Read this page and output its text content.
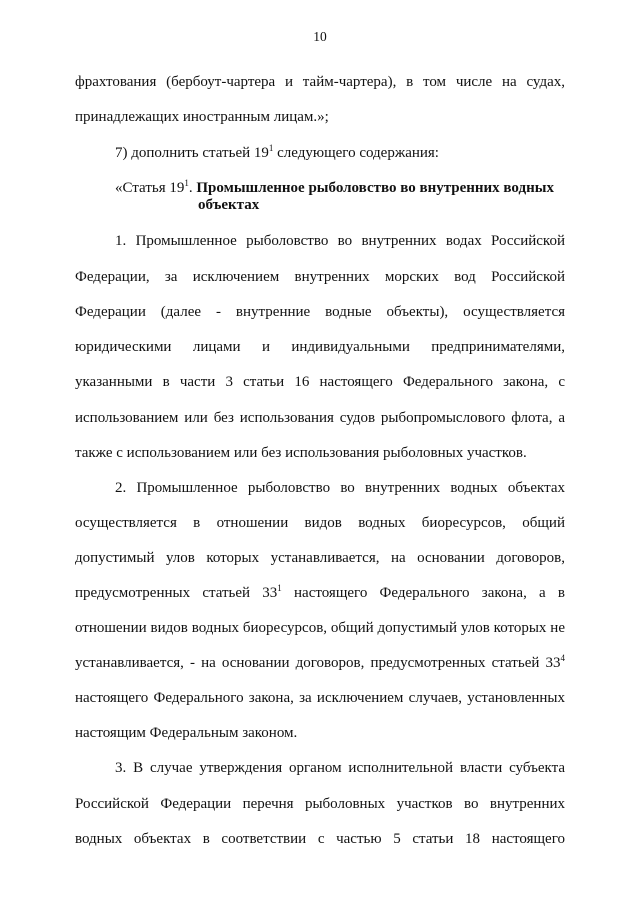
10
фрахтования (бербоут-чартера и тайм-чартера), в том числе на судах,
принадлежащих иностранным лицам.»;
7) дополнить статьей $19^1$ следующего содержания:
«Статья $19^1$. Промышленное рыболовство во внутренних водных
объектах
1. Промышленное рыболовство во внутренних водах Российской
Федерации, за исключением внутренних морских вод Российской
Федерации (далее - внутренние водные объекты), осуществляется
юридическими лицами и индивидуальными предпринимателями,
указанными в части 3 статьи 16 настоящего Федерального закона, с
использованием или без использования судов рыбопромыслового флота, а
также с использованием или без использования рыболовных участков.
2. Промышленное рыболовство во внутренних водных объектах
осуществляется в отношении видов водных биоресурсов, общий
допустимый улов которых устанавливается, на основании договоров,
предусмотренных статьей $33^1$ настоящего Федерального закона, а в
отношении видов водных биоресурсов, общий допустимый улов которых не
устанавливается, - на основании договоров, предусмотренных статьей $33^4$
настоящего Федерального закона, за исключением случаев, установленных
настоящим Федеральным законом.
3. В случае утверждения органом исполнительной власти субъекта
Российской Федерации перечня рыболовных участков во внутренних
водных объектах в соответствии с частью 5 статьи 18 настоящего
